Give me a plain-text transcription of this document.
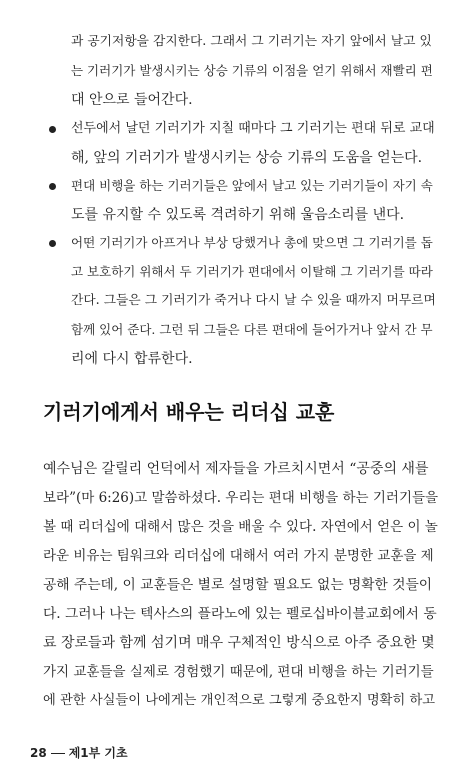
과 공기저항을 감지한다. 그래서 그 기러기는 자기 앞에서 날고 있
는 기러기가 발생시키는 상승 기류의 이점을 얻기 위해서 재빨리 편
대 안으로 들어간다.
선두에서 날던 기러기가 지칠 때마다 그 기러기는 편대 뒤로 교대
해, 앞의 기러기가 발생시키는 상승 기류의 도움을 얻는다.
편대 비행을 하는 기러기들은 앞에서 날고 있는 기러기들이 자기 속
도를 유지할 수 있도록 격려하기 위해 울음소리를 낸다.
어떤 기러기가 아프거나 부상 당했거나 총에 맞으면 그 기러기를 돕
고 보호하기 위해서 두 기러기가 편대에서 이탈해 그 기러기를 따라
간다. 그들은 그 기러기가 죽거나 다시 날 수 있을 때까지 머무르며
함께 있어 준다. 그런 뒤 그들은 다른 편대에 들어가거나 앞서 간 무
리에 다시 합류한다.
기러기에게서 배우는 리더십 교훈
예수님은 갈릴리 언덕에서 제자들을 가르치시면서 “공중의 새를
보라”(마 6:26)고 말씀하셨다. 우리는 편대 비행을 하는 기러기들을
볼 때 리더십에 대해서 많은 것을 배울 수 있다. 자연에서 얻은 이 놀
라운 비유는 팀워크와 리더십에 대해서 여러 가지 분명한 교훈을 제
공해 주는데, 이 교훈들은 별로 설명할 필요도 없는 명확한 것들이
다. 그러나 나는 텍사스의 플라노에 있는 펠로십바이블교회에서 동
료 장로들과 함께 섬기며 매우 구체적인 방식으로 아주 중요한 몇
가지 교훈들을 실제로 경험했기 때문에, 편대 비행을 하는 기러기들
에 관한 사실들이 나에게는 개인적으로 그렇게 중요한지 명확히 하고
28 제1부 기초
